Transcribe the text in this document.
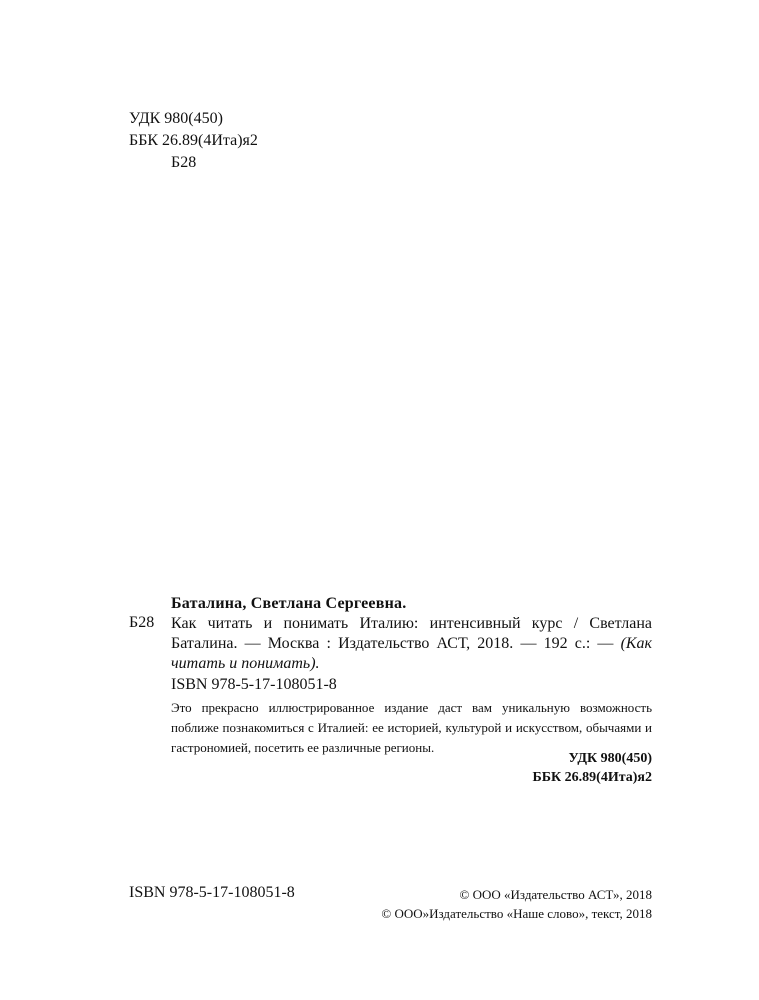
УДК 980(450)
ББК 26.89(4Ита)я2
Б28
Баталина, Светлана Сергеевна.
Б28 Как читать и понимать Италию: интенсивный курс / Светлана Баталина. — Москва : Издательство АСТ, 2018. — 192 с.: — (Как читать и понимать).
ISBN 978-5-17-108051-8
Это прекрасно иллюстрированное издание даст вам уникальную возможность поближе познакомиться с Италией: ее историей, культурой и искусством, обычаями и гастрономией, посетить ее различные регионы.
УДК 980(450)
ББК 26.89(4Ита)я2
ISBN 978-5-17-108051-8	© ООО «Издательство АСТ», 2018
© ООО»Издательство «Наше слово», текст, 2018
